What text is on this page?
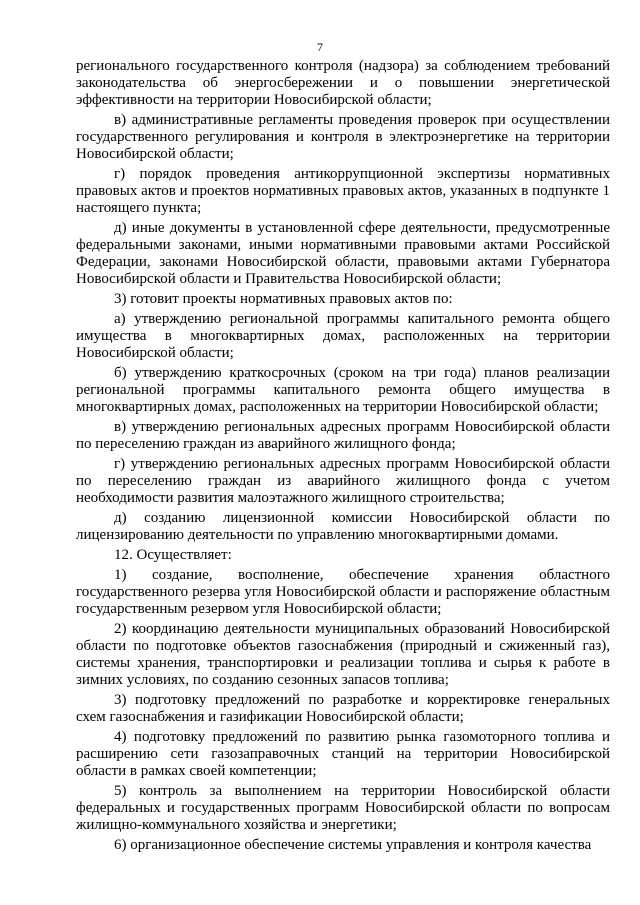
7

регионального государственного контроля (надзора) за соблюдением требований законодательства об энергосбережении и о повышении энергетической эффективности на территории Новосибирской области;

в) административные регламенты проведения проверок при осуществлении государственного регулирования и контроля в электроэнергетике на территории Новосибирской области;

г) порядок проведения антикоррупционной экспертизы нормативных правовых актов и проектов нормативных правовых актов, указанных в подпункте 1 настоящего пункта;

д) иные документы в установленной сфере деятельности, предусмотренные федеральными законами, иными нормативными правовыми актами Российской Федерации, законами Новосибирской области, правовыми актами Губернатора Новосибирской области и Правительства Новосибирской области;

3) готовит проекты нормативных правовых актов по:

а) утверждению региональной программы капитального ремонта общего имущества в многоквартирных домах, расположенных на территории Новосибирской области;

б) утверждению краткосрочных (сроком на три года) планов реализации региональной программы капитального ремонта общего имущества в многоквартирных домах, расположенных на территории Новосибирской области;

в) утверждению региональных адресных программ Новосибирской области по переселению граждан из аварийного жилищного фонда;

г) утверждению региональных адресных программ Новосибирской области по переселению граждан из аварийного жилищного фонда с учетом необходимости развития малоэтажного жилищного строительства;

д) созданию лицензионной комиссии Новосибирской области по лицензированию деятельности по управлению многоквартирными домами.

12. Осуществляет:

1) создание, восполнение, обеспечение хранения областного государственного резерва угля Новосибирской области и распоряжение областным государственным резервом угля Новосибирской области;

2) координацию деятельности муниципальных образований Новосибирской области по подготовке объектов газоснабжения (природный и сжиженный газ), системы хранения, транспортировки и реализации топлива и сырья к работе в зимних условиях, по созданию сезонных запасов топлива;

3) подготовку предложений по разработке и корректировке генеральных схем газоснабжения и газификации Новосибирской области;

4) подготовку предложений по развитию рынка газомоторного топлива и расширению сети газозаправочных станций на территории Новосибирской области в рамках своей компетенции;

5) контроль за выполнением на территории Новосибирской области федеральных и государственных программ Новосибирской области по вопросам жилищно-коммунального хозяйства и энергетики;

6) организационное обеспечение системы управления и контроля качества
